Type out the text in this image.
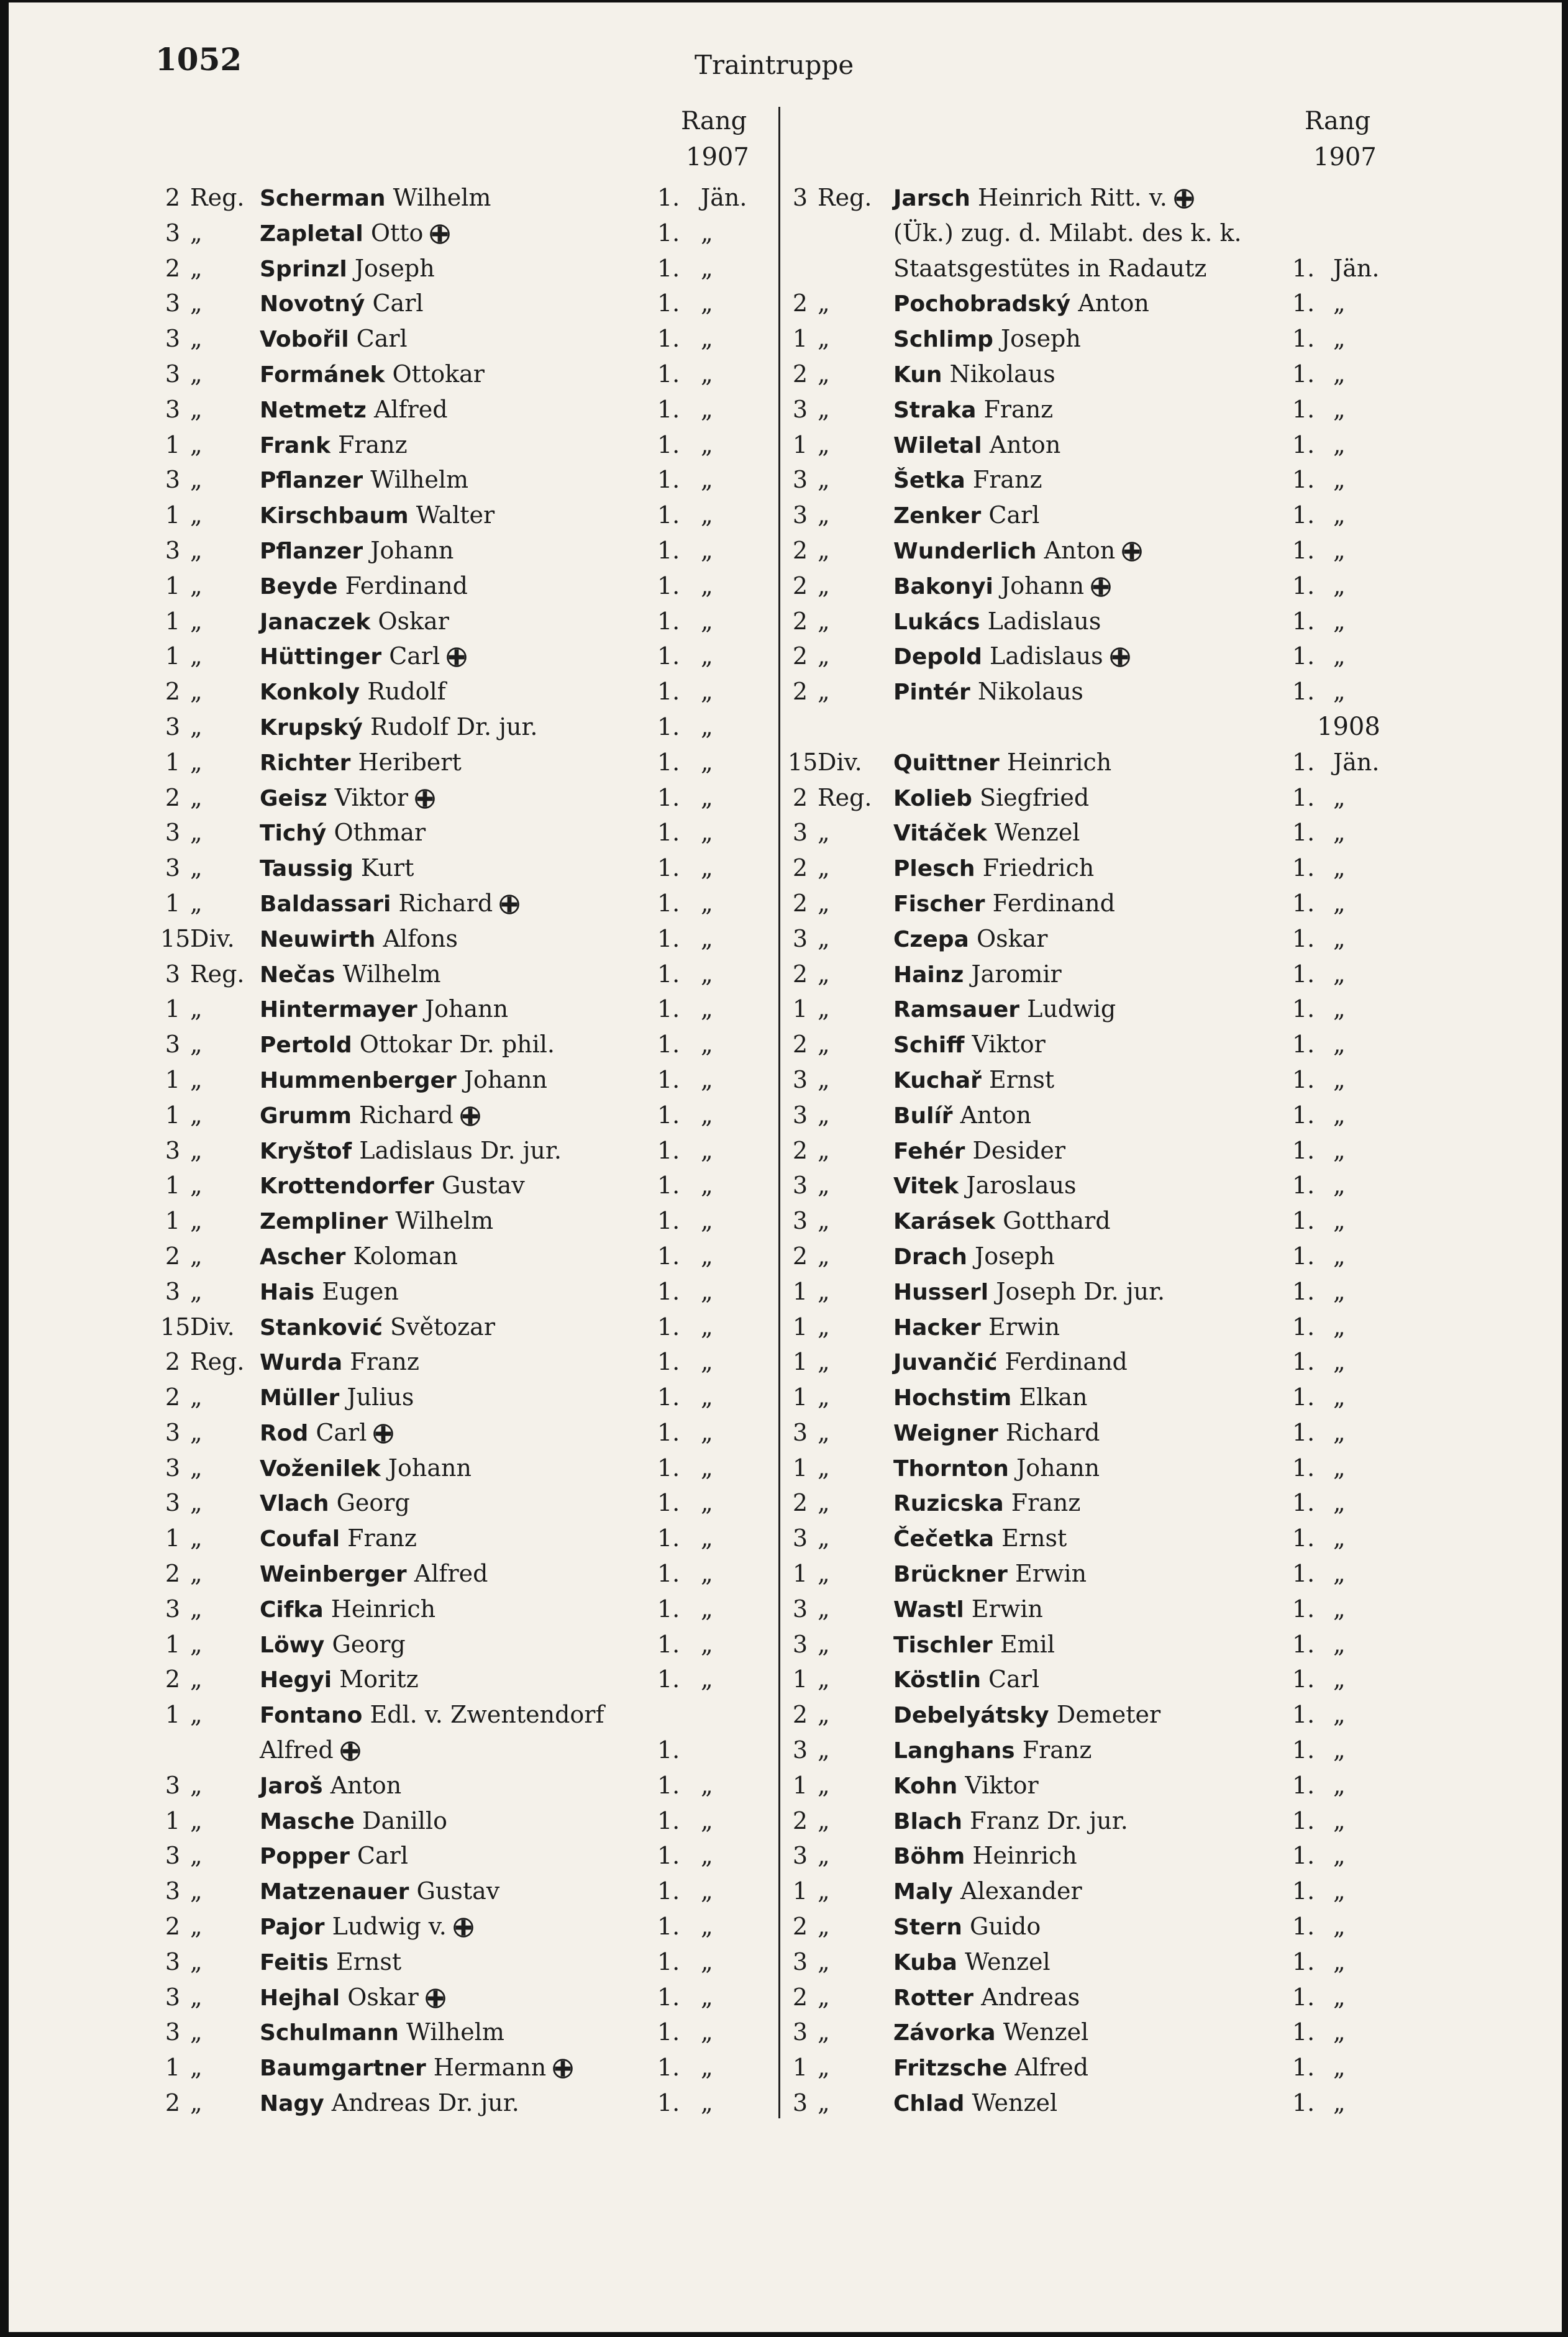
1052	Traintruppe
Rang
1907
2 Reg. Scherman Wilhelm	1. Jän.
3 „	Zapletal Otto	1. „
2 „	Sprinzl Joseph	1. „
3 „	Novotný Carl	1. „
3 „	Vobořil Carl	1. „
3 „	Formánek Ottokar	1. „
3 „	Netmetz Alfred	1. „
1 „	Frank Franz	1. „
3 „	Pflanzer Wilhelm	1. „
1 „	Kirschbaum Walter	1. „
3 „	Pflanzer Johann	1. „
1 „	Beyde Ferdinand	1. „
1 „	Janaczek Oskar	1. „
1 „	Hüttinger Carl	1. „
2 „	Konkoly Rudolf	1. „
3 „	Krupský Rudolf Dr. jur.	1. „
1 „	Richter Heribert	1. „
2 „	Geisz Viktor	1. „
3 „	Tichý Othmar	1. „
3 „	Taussig Kurt	1. „
1 „	Baldassari Richard	1. „
15 Div. Neuwirth Alfons	1. „
3 Reg. Nečas Wilhelm	1. „
1 „	Hintermayer Johann	1. „
3 „	Pertold Ottokar Dr. phil.	1. „
1 „	Hummenberger Johann	1. „
1 „	Grumm Richard	1. „
3 „	Kryštof Ladislaus Dr. jur.	1. „
1 „	Krottendorfer Gustav	1. „
1 „	Zempliner Wilhelm	1. „
2 „	Ascher Koloman	1. „
3 „	Hais Eugen	1. „
15 Div. Stanković Světozar	1. „
2 Reg. Wurda Franz	1. „
2 „	Müller Julius	1. „
3 „	Rod Carl	1. „
3 „	Voženilek Johann	1. „
3 „	Vlach Georg	1. „
1 „	Coufal Franz	1. „
2 „	Weinberger Alfred	1. „
3 „	Cifka Heinrich	1. „
1 „	Löwy Georg	1. „
2 „	Hegyi Moritz	1. „
1 „	Fontano Edl. v. Zwentendorf
Alfred	1.
3 „	Jaroš Anton	1. „
1 „	Masche Danillo	1. „
3 „	Popper Carl	1. „
3 „	Matzenauer Gustav	1. „
2 „	Pajor Ludwig v.	1. „
3 „	Feitis Ernst	1. „
3 „	Hejhal Oskar	1. „
3 „	Schulmann Wilhelm	1. „
1 „	Baumgartner Hermann	1. „
2 „	Nagy Andreas Dr. jur.	1. „
Rang
1907
3 Reg. Jarsch Heinrich Ritt. v.
(Ük.) zug. d. Milabt. des k. k.
Staatsgestütes in Radautz	1. Jän.
2 „	Pochobradský Anton	1. „
1 „	Schlimp Joseph	1. „
2 „	Kun Nikolaus	1. „
3 „	Straka Franz	1. „
1 „	Wiletal Anton	1. „
3 „	Šetka Franz	1. „
3 „	Zenker Carl	1. „
2 „	Wunderlich Anton	1. „
2 „	Bakonyi Johann	1. „
2 „	Lukács Ladislaus	1. „
2 „	Depold Ladislaus	1. „
2 „	Pintér Nikolaus	1. „
1908
15 Div. Quittner Heinrich	1. Jän.
2 Reg. Kolieb Siegfried	1. „
3 „	Vitáček Wenzel	1. „
2 „	Plesch Friedrich	1. „
2 „	Fischer Ferdinand	1. „
3 „	Czepa Oskar	1. „
2 „	Hainz Jaromir	1. „
1 „	Ramsauer Ludwig	1. „
2 „	Schiff Viktor	1. „
3 „	Kuchař Ernst	1. „
3 „	Bulíř Anton	1. „
2 „	Fehér Desider	1. „
3 „	Vitek Jaroslaus	1. „
3 „	Karásek Gotthard	1. „
2 „	Drach Joseph	1. „
1 „	Husserl Joseph Dr. jur.	1. „
1 „	Hacker Erwin	1. „
1 „	Juvančić Ferdinand	1. „
1 „	Hochstim Elkan	1. „
3 „	Weigner Richard	1. „
1 „	Thornton Johann	1. „
2 „	Ruzicska Franz	1. „
3 „	Čečetka Ernst	1. „
1 „	Brückner Erwin	1. „
3 „	Wastl Erwin	1. „
3 „	Tischler Emil	1. „
1 „	Köstlin Carl	1. „
2 „	Debelyátsky Demeter	1. „
3 „	Langhans Franz	1. „
1 „	Kohn Viktor	1. „
2 „	Blach Franz Dr. jur.	1. „
3 „	Böhm Heinrich	1. „
1 „	Maly Alexander	1. „
2 „	Stern Guido	1. „
3 „	Kuba Wenzel	1. „
2 „	Rotter Andreas	1. „
3 „	Závorka Wenzel	1. „
1 „	Fritzsche Alfred	1. „
3 „	Chlad Wenzel	1. „
